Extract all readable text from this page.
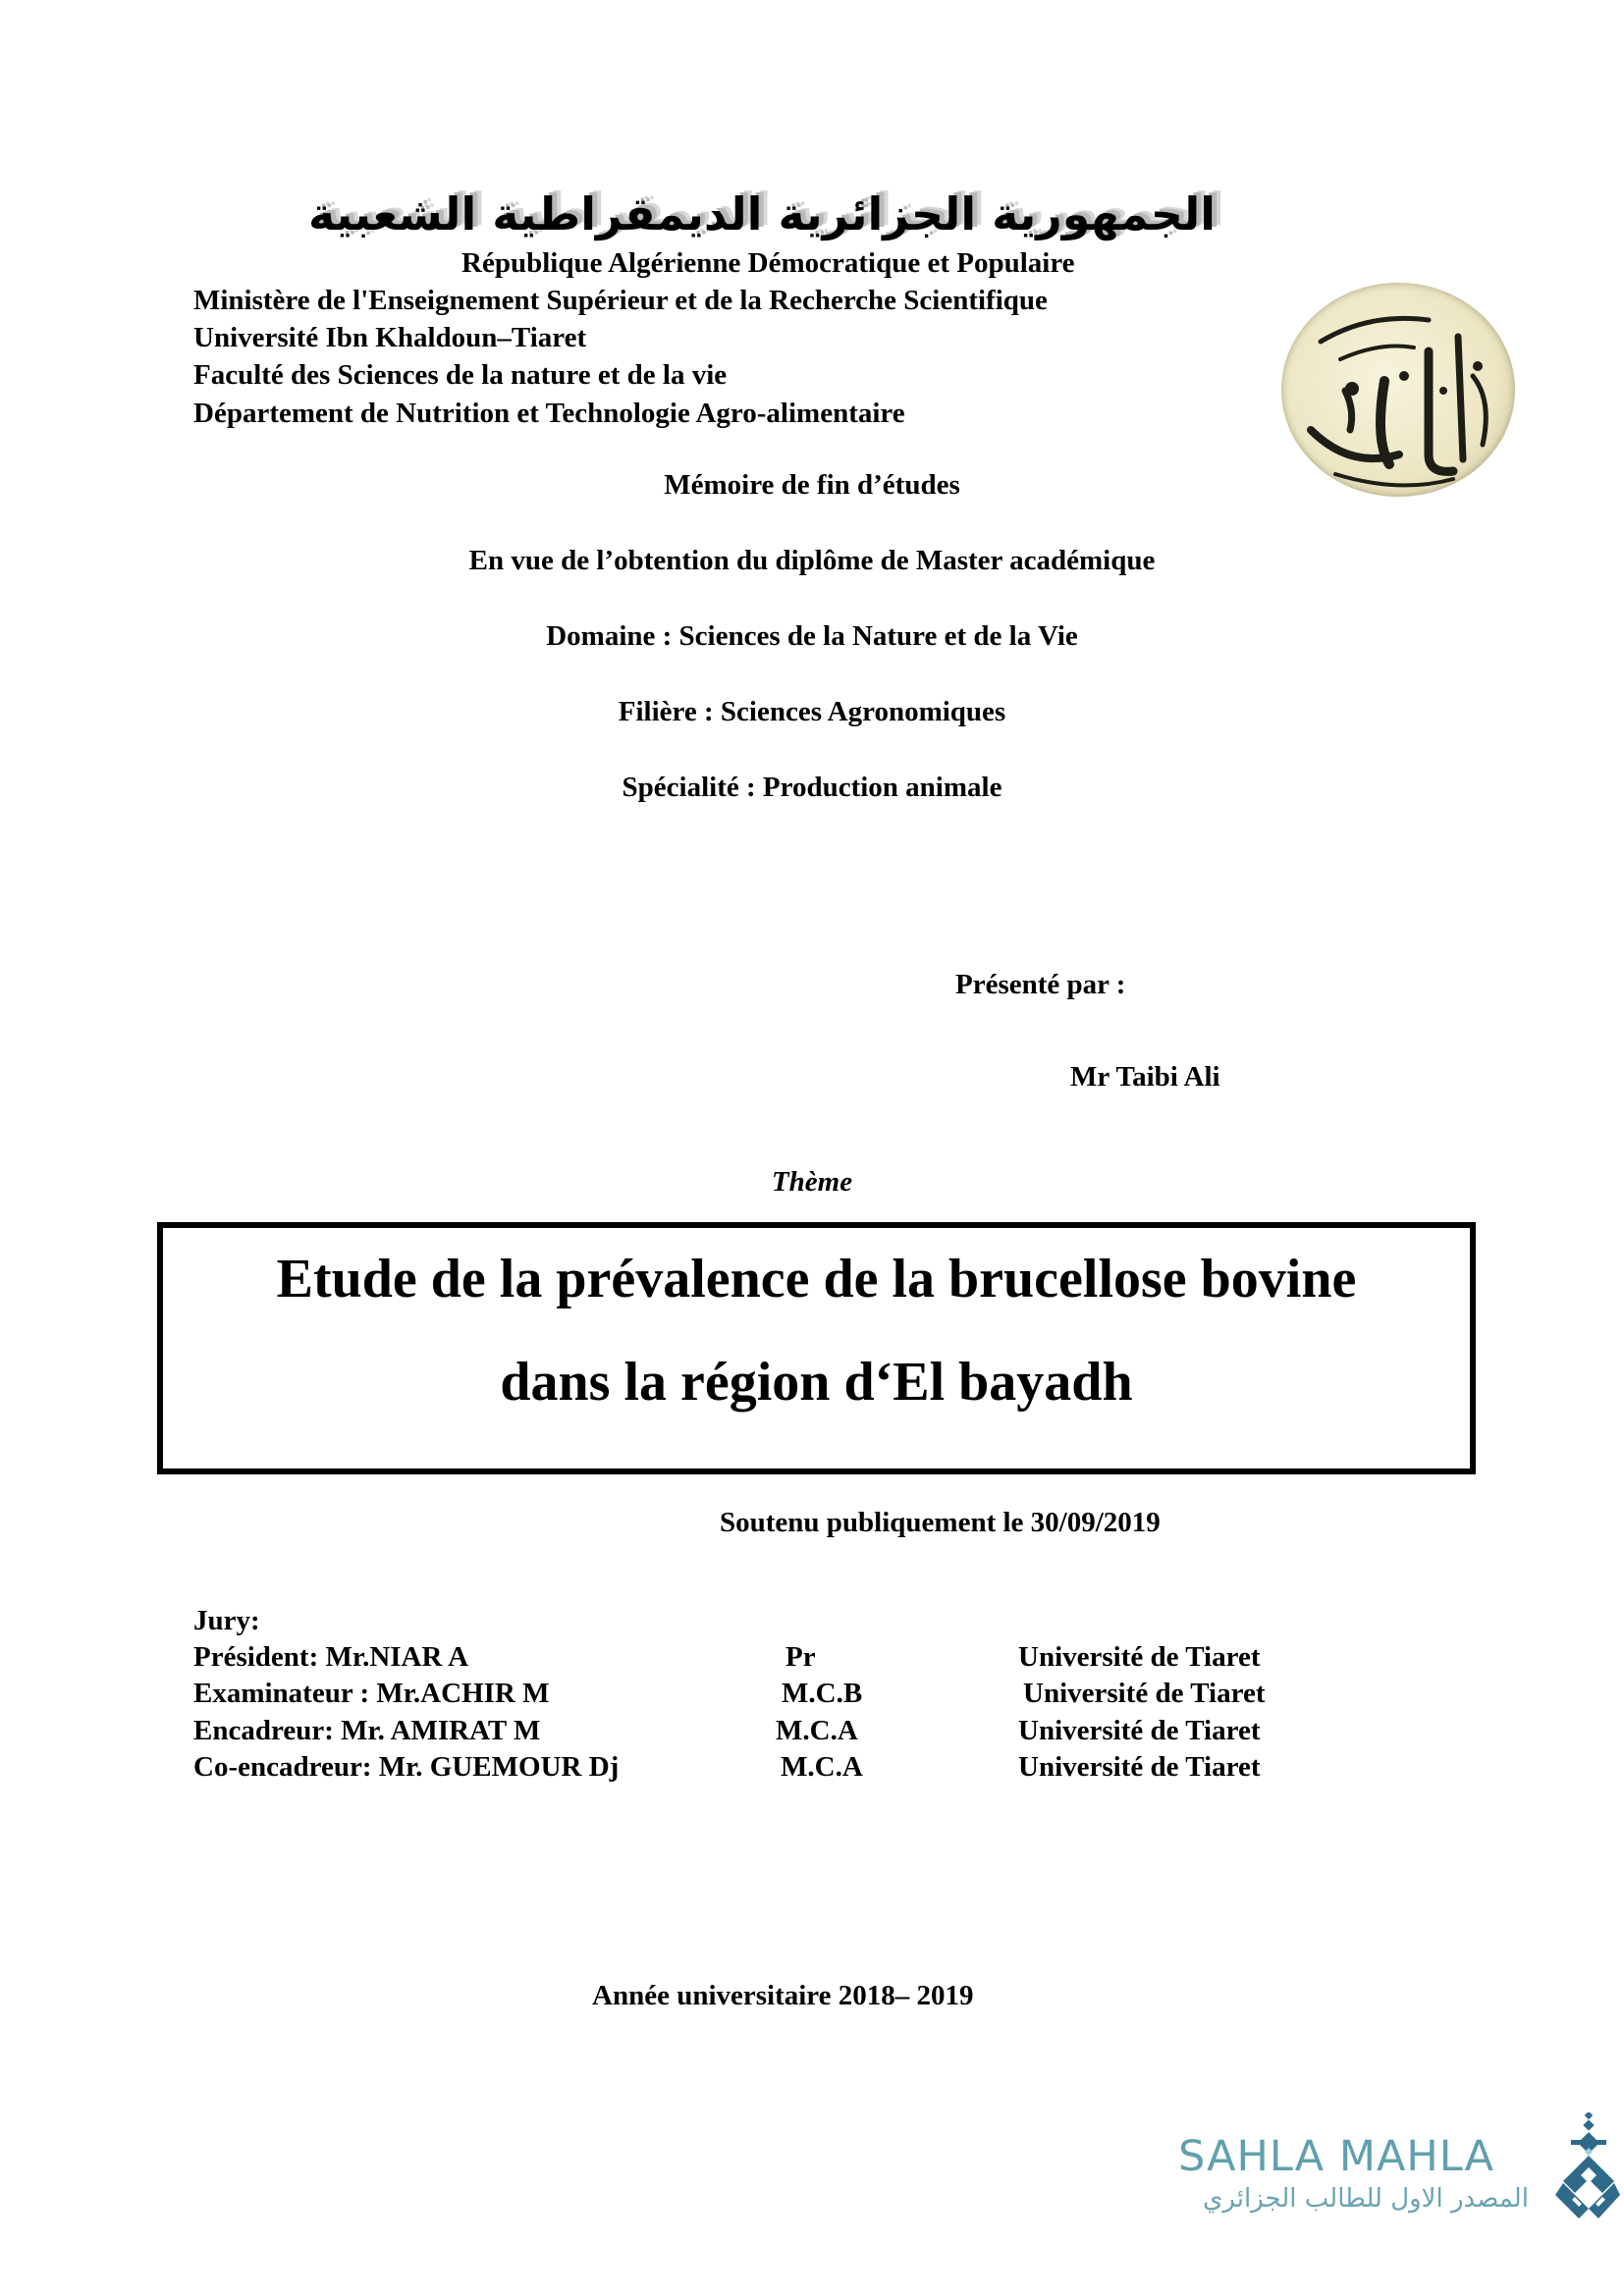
الجمهورية الجزائرية الديمقراطية الشعبية
République Algérienne Démocratique et Populaire
Ministère de l'Enseignement Supérieur et de la Recherche Scientifique
Université Ibn Khaldoun–Tiaret
Faculté des Sciences de la nature et de la vie
Département de Nutrition et Technologie Agro-alimentaire
Mémoire de fin d’études
En vue de l’obtention du diplôme de Master académique
Domaine : Sciences de la Nature et de la Vie
Filière : Sciences Agronomiques
Spécialité : Production animale
Présenté par :
Mr Taibi Ali
Thème
Etude de la prévalence de la brucellose bovine
dans la région d‘El bayadh
Soutenu publiquement le 30/09/2019
Jury:
Président: Mr.NIAR A	Pr	Université de Tiaret
Examinateur : Mr.ACHIR M	M.C.B	Université de Tiaret
Encadreur: Mr. AMIRAT M	M.C.A	Université de Tiaret
Co-encadreur: Mr. GUEMOUR Dj	M.C.A	Université de Tiaret
Année universitaire 2018– 2019
SAHLA MAHLA
المصدر الاول للطالب الجزائري
